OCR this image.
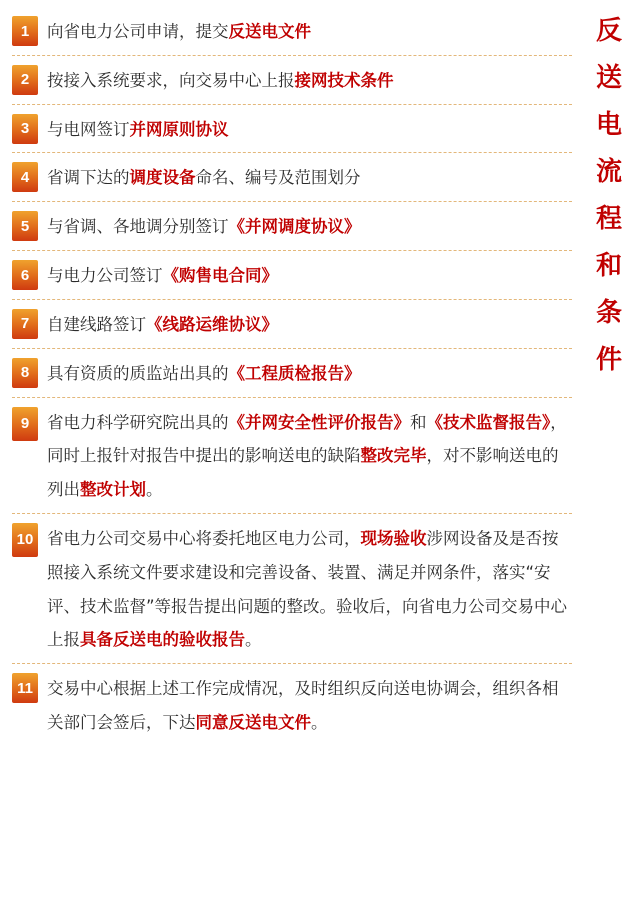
反
送
电
流
程
和
条
件
1	向省电力公司申请，提交反送电文件
2	按接入系统要求，向交易中心上报接网技术条件
3	与电网签订并网原则协议
4	省调下达的调度设备命名、编号及范围划分
5	与省调、各地调分别签订《并网调度协议》
6	与电力公司签订《购售电合同》
7	自建线路签订《线路运维协议》
8	具有资质的质监站出具的《工程质检报告》
9	省电力科学研究院出具的《并网安全性评价报告》和《技术监督报告》，同时上报针对报告中提出的影响送电的缺陷整改完毕，对不影响送电的列出整改计划。
10 省电力公司交易中心将委托地区电力公司，现场验收涉网设备及是否按照接入系统文件要求建设和完善设备、装置、满足并网条件，落实“安评、技术监督”等报告提出问题的整改。验收后，向省电力公司交易中心上报具备反送电的验收报告。
11 交易中心根据上述工作完成情况，及时组织反向送电协调会，组织各相关部门会签后，下达同意反送电文件。
